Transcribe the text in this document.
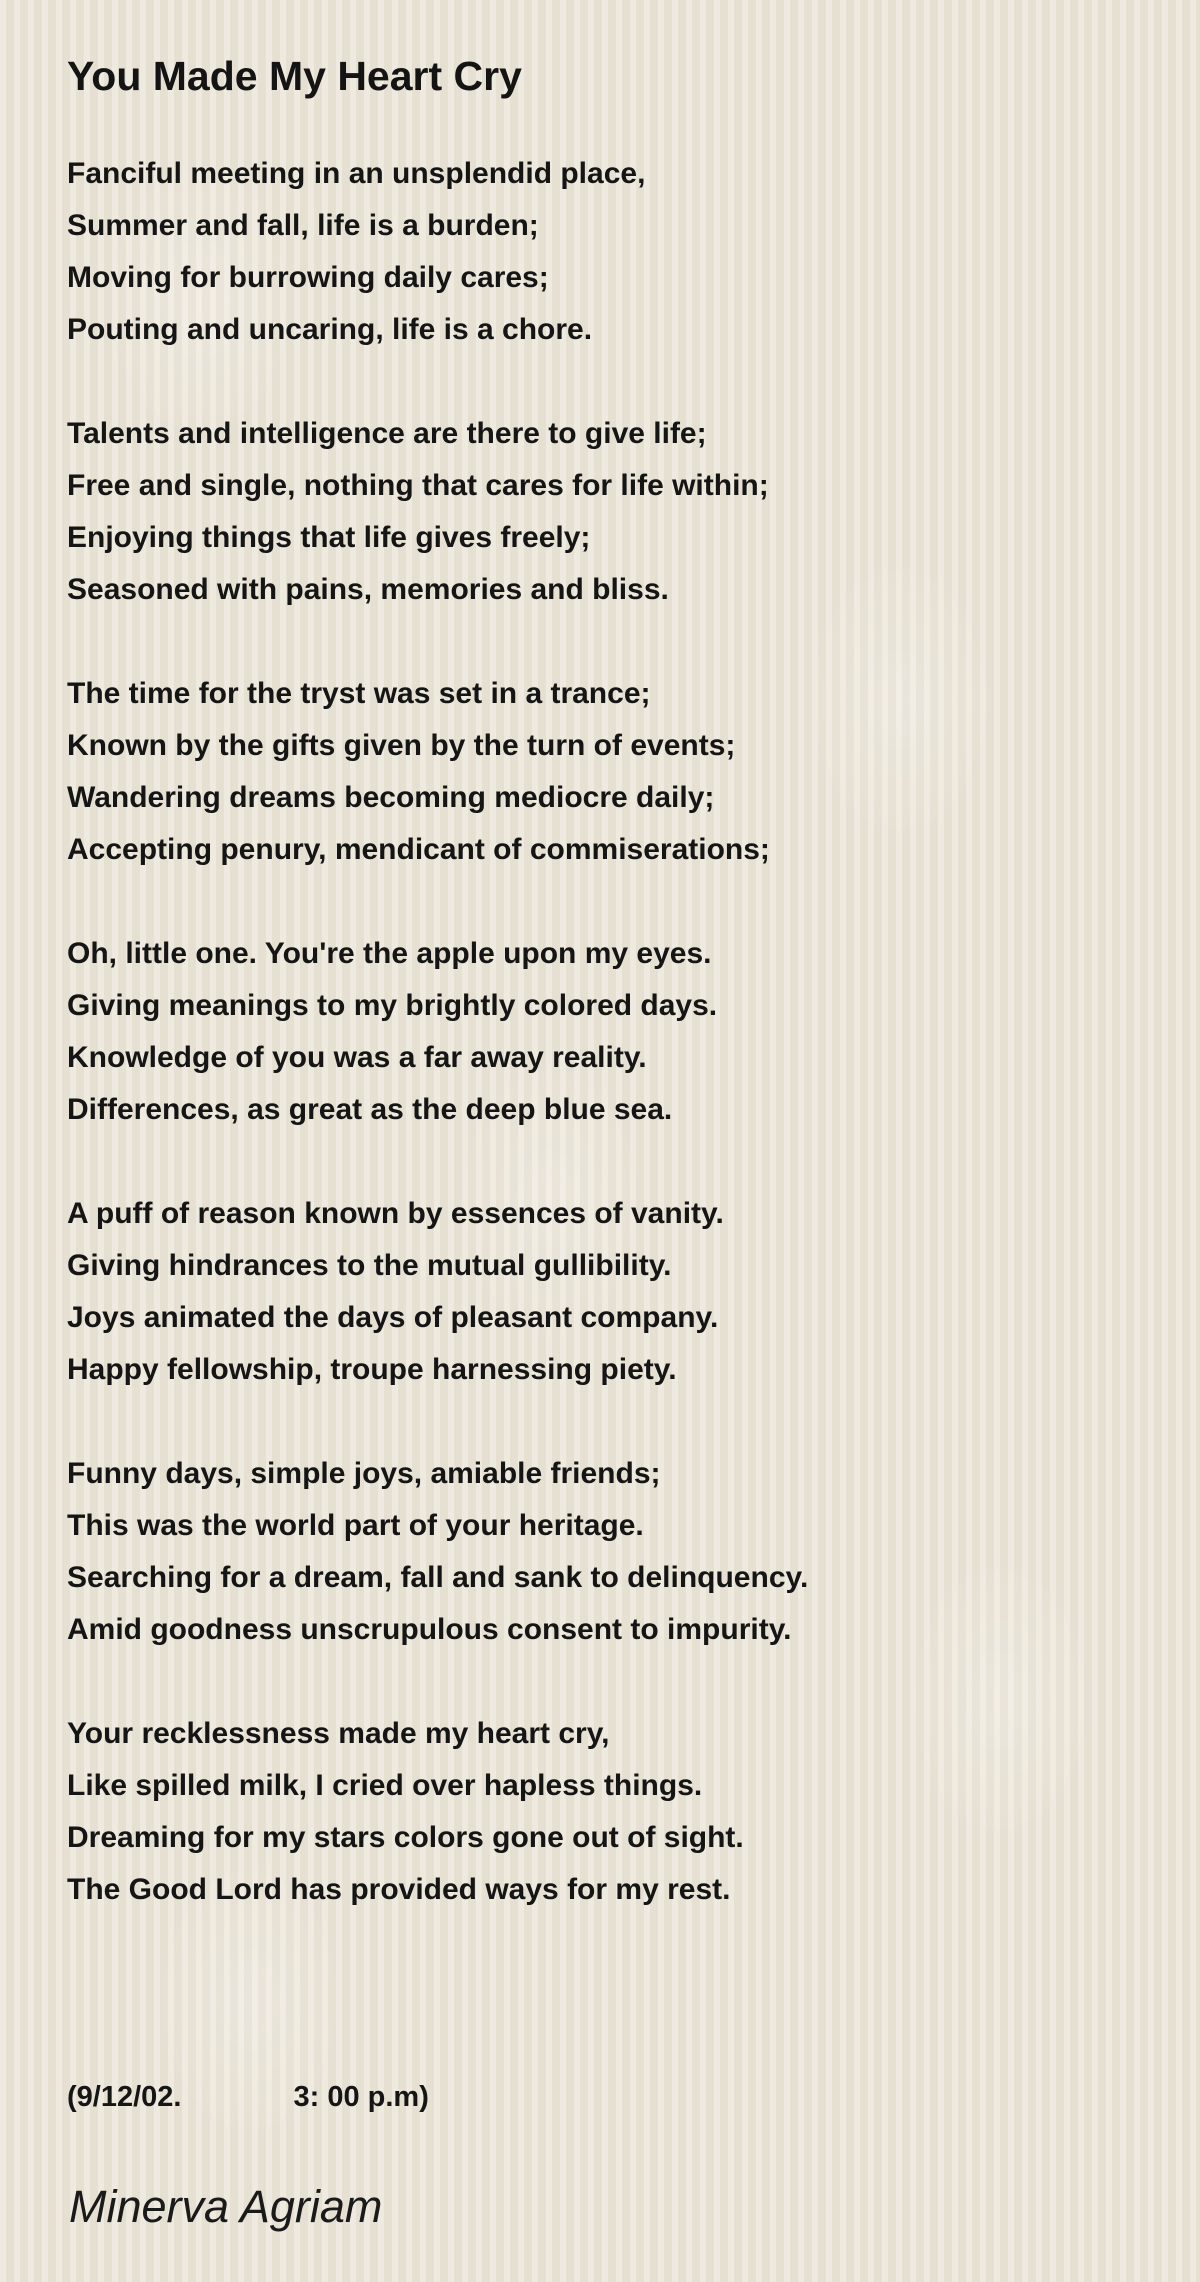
You Made My Heart Cry
Fanciful meeting in an unsplendid place,
Summer and fall, life is a burden;
Moving for burrowing daily cares;
Pouting and uncaring, life is a chore.
Talents and intelligence are there to give life;
Free and single, nothing that cares for life within;
Enjoying things that life gives freely;
Seasoned with pains, memories and bliss.
The time for the tryst was set in a trance;
Known by the gifts given by the turn of events;
Wandering dreams becoming mediocre daily;
Accepting penury, mendicant of commiserations;
Oh, little one. You're the apple upon my eyes.
Giving meanings to my brightly colored days.
Knowledge of you was a far away reality.
Differences, as great as the deep blue sea.
A puff of reason known by essences of vanity.
Giving hindrances to the mutual gullibility.
Joys animated the days of pleasant company.
Happy fellowship, troupe harnessing piety.
Funny days, simple joys, amiable friends;
This was the world part of your heritage.
Searching for a dream, fall and sank to delinquency.
Amid goodness unscrupulous consent to impurity.
Your recklessness made my heart cry,
Like spilled milk, I cried over hapless things.
Dreaming for my stars colors gone out of sight.
The Good Lord has provided ways for my rest.
(9/12/02.	3: 00 p.m)
Minerva Agriam
